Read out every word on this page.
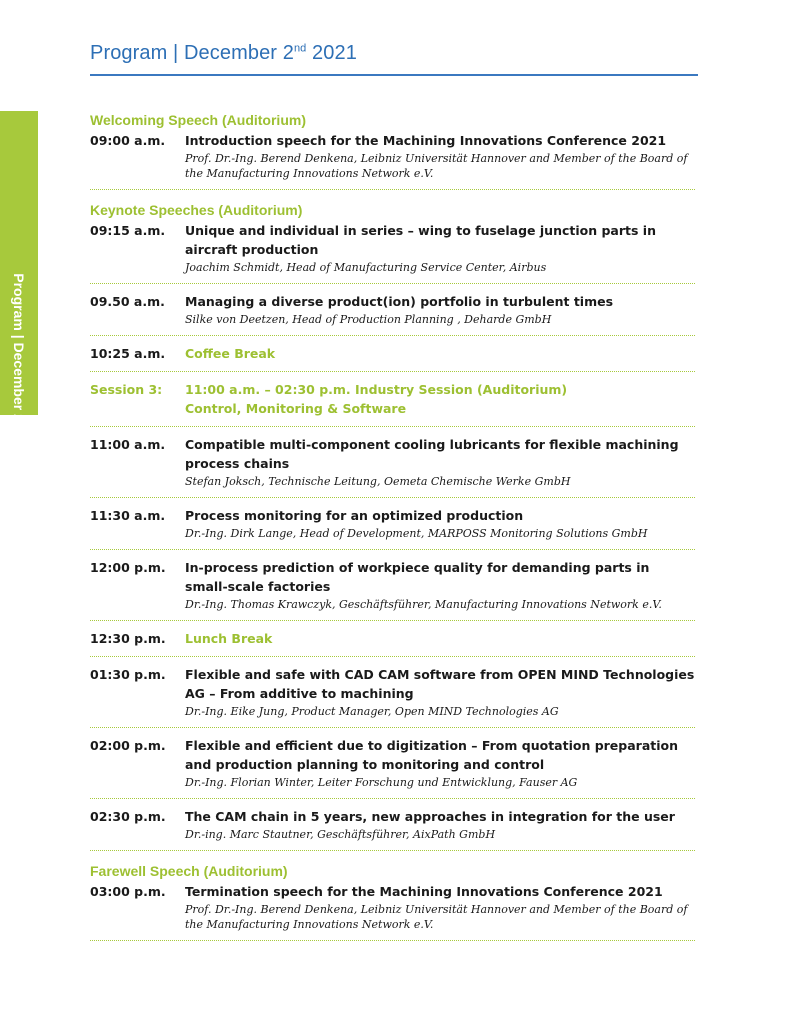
Program | December 2nd 2021
Program | December 2nd 2021
Welcoming Speech (Auditorium)
09:00 a.m.	Introduction speech for the Machining Innovations Conference 2021
Prof. Dr.-Ing. Berend Denkena, Leibniz Universität Hannover and Member of the Board of the Manufacturing Innovations Network e.V.
Keynote Speeches (Auditorium)
09:15 a.m.	Unique and individual in series – wing to fuselage junction parts in aircraft production
Joachim Schmidt, Head of Manufacturing Service Center, Airbus
09.50 a.m.	Managing a diverse product(ion) portfolio in turbulent times
Silke von Deetzen, Head of Production Planning , Deharde GmbH
10:25 a.m.	Coffee Break
Session 3:	11:00 a.m. – 02:30 p.m. Industry Session (Auditorium)
Control, Monitoring & Software
11:00 a.m.	Compatible multi-component cooling lubricants for flexible machining process chains
Stefan Joksch, Technische Leitung, Oemeta Chemische Werke GmbH
11:30 a.m.	Process monitoring for an optimized production
Dr.-Ing. Dirk Lange, Head of Development, MARPOSS Monitoring Solutions GmbH
12:00 p.m.	In-process prediction of workpiece quality for demanding parts in small-scale factories
Dr.-Ing. Thomas Krawczyk, Geschäftsführer, Manufacturing Innovations Network e.V.
12:30 p.m.	Lunch Break
01:30 p.m.	Flexible and safe with CAD CAM software from OPEN MIND Technologies AG – From additive to machining
Dr.-Ing. Eike Jung, Product Manager, Open MIND Technologies AG
02:00 p.m.	Flexible and efficient due to digitization – From quotation preparation and production planning to monitoring and control
Dr.-Ing. Florian Winter, Leiter Forschung und Entwicklung, Fauser AG
02:30 p.m.	The CAM chain in 5 years, new approaches in integration for the user
Dr.-ing. Marc Stautner, Geschäftsführer, AixPath GmbH
Farewell Speech (Auditorium)
03:00 p.m.	Termination speech for the Machining Innovations Conference 2021
Prof. Dr.-Ing. Berend Denkena, Leibniz Universität Hannover and Member of the Board of the Manufacturing Innovations Network e.V.
